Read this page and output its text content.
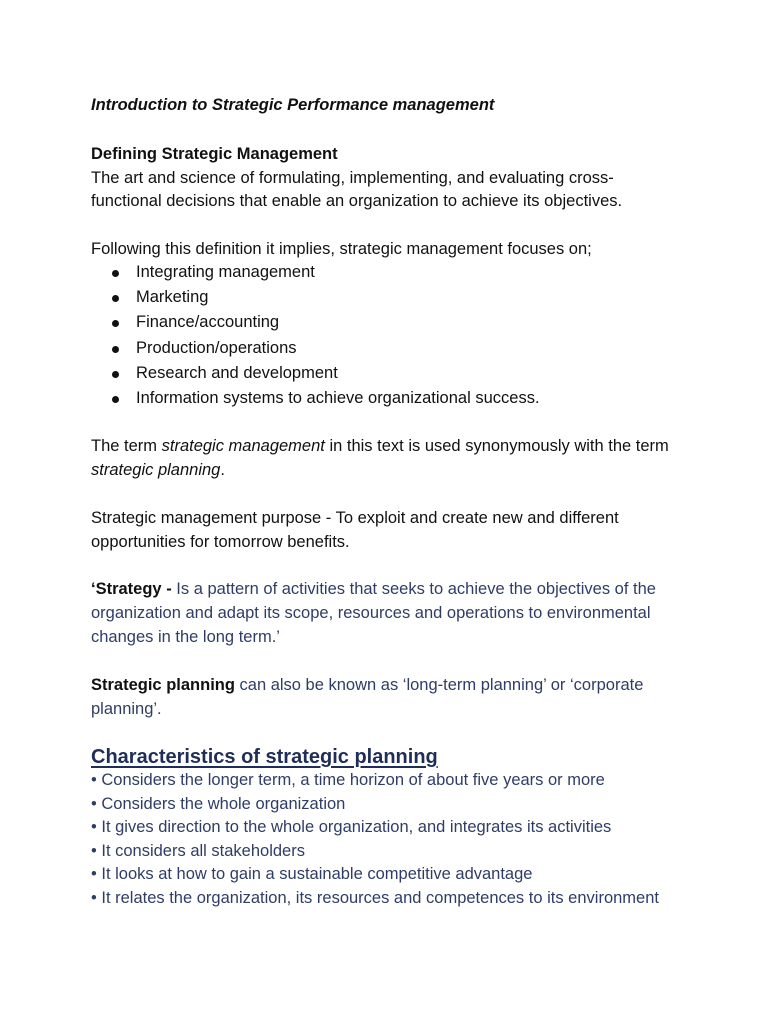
Introduction to Strategic Performance management

Defining Strategic Management

The art and science of formulating, implementing, and evaluating cross-

functional decisions that enable an organization to achieve its objectives.

Following this definition it implies, strategic management focuses on;

Integrating management
Marketing
Finance/accounting
Production/operations
Research and development
Information systems to achieve organizational success.

The term strategic management in this text is used synonymously with the term

strategic planning.

Strategic management purpose - To exploit and create new and different

opportunities for tomorrow benefits.

‘Strategy - Is a pattern of activities that seeks to achieve the objectives of the

organization and adapt its scope, resources and operations to environmental

changes in the long term.’

Strategic planning can also be known as ‘long-term planning’ or ‘corporate

planning’.

Characteristics of strategic planning

• Considers the longer term, a time horizon of about five years or more
• Considers the whole organization
• It gives direction to the whole organization, and integrates its activities
• It considers all stakeholders
• It looks at how to gain a sustainable competitive advantage
• It relates the organization, its resources and competences to its environment
